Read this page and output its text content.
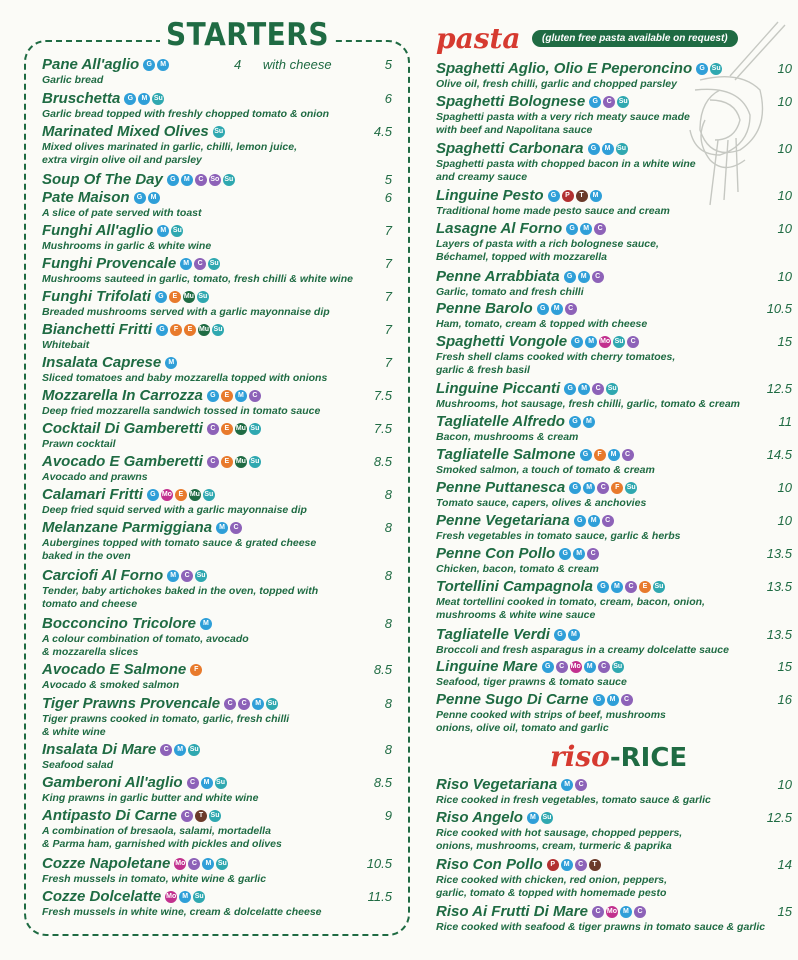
STARTERS
Pane All'aglio	G	M	4      with cheese	5
Garlic bread
Bruschetta	G	M Su	6
Garlic bread topped with freshly chopped tomato & onion
Marinated Mixed Olives Su	4.5
Mixed olives marinated in garlic, chilli, lemon juice,
extra virgin olive oil and parsley
Soup Of The Day	G	M	C So Su	5
Pate Maison	G	M	6
A slice of pate served with toast
Funghi All'aglio	M Su	7
Mushrooms in garlic & white wine
Funghi Provencale	M	C Su	7
Mushrooms sauteed in garlic, tomato, fresh chilli & white wine
Funghi Trifolati	G	E Mu Su	7
Breaded mushrooms served with a garlic mayonnaise dip
Bianchetti Fritti	G	F	E Mu Su	7
Whitebait
Insalata Caprese	M	7
Sliced tomatoes and baby mozzarella topped with onions
Mozzarella In Carrozza	G	E	M	C	7.5
Deep fried mozzarella sandwich tossed in tomato sauce
Cocktail Di Gamberetti	C	E Mu Su	7.5
Prawn cocktail
Avocado E Gamberetti	C	E Mu Su	8.5
Avocado and prawns
Calamari Fritti	G Mo E Mu Su	8
Deep fried squid served with a garlic mayonnaise dip
Melanzane Parmiggiana	M	C	8
Aubergines topped with tomato sauce & grated cheese
baked in the oven
Carciofi Al Forno	M	C Su	8
Tender, baby artichokes baked in the oven, topped with
tomato and cheese
Bocconcino Tricolore	M	8
A colour combination of tomato, avocado
& mozzarella slices
Avocado E Salmone	F	8.5
Avocado & smoked salmon
Tiger Prawns Provencale	C	C	M Su	8
Tiger prawns cooked in tomato, garlic, fresh chilli
& white wine
Insalata Di Mare	C	M Su	8
Seafood salad
Gamberoni All'aglio	C	M Su	8.5
King prawns in garlic butter and white wine
Antipasto Di Carne	C	T	Su	9
A combination of bresaola, salami, mortadella
& Parma ham, garnished with pickles and olives
Cozze Napoletane Mo C	M Su	10.5
Fresh mussels in tomato, white wine & garlic
Cozze Dolcelatte Mo M Su	11.5
Fresh mussels in white wine, cream & dolcelatte cheese
pasta	(gluten free pasta available on request)
Spaghetti Aglio, Olio E Peperoncino	G Su	10
Olive oil, fresh chilli, garlic and chopped parsley
Spaghetti Bolognese	G	C Su	10
Spaghetti pasta with a very rich meaty sauce made
with beef and Napolitana sauce
Spaghetti Carbonara	G	M Su	10
Spaghetti pasta with chopped bacon in a white wine
and creamy sauce
Linguine Pesto	G	P	T	M	10
Traditional home made pesto sauce and cream
Lasagne Al Forno	G	M	C	10
Layers of pasta with a rich bolognese sauce,
Béchamel, topped with mozzarella
Penne Arrabbiata	G	M	C	10
Garlic, tomato and fresh chilli
Penne Barolo	G	M	C	10.5
Ham, tomato, cream & topped with cheese
Spaghetti Vongole	G	M Mo Su	C	15
Fresh shell clams cooked with cherry tomatoes,
garlic & fresh basil
Linguine Piccanti	G	M	C Su	12.5
Mushrooms, hot sausage, fresh chilli, garlic, tomato & cream
Tagliatelle Alfredo	G	M	11
Bacon, mushrooms & cream
Tagliatelle Salmone	G	F	M	C	14.5
Smoked salmon, a touch of tomato & cream
Penne Puttanesca	G	M	C	F	Su	10
Tomato sauce, capers, olives & anchovies
Penne Vegetariana	G	M	C	10
Fresh vegetables in tomato sauce, garlic & herbs
Penne Con Pollo	G	M	C	13.5
Chicken, bacon, tomato & cream
Tortellini Campagnola	G	M	C	E	Su	13.5
Meat tortellini cooked in tomato, cream, bacon, onion,
mushrooms & white wine sauce
Tagliatelle Verdi	G	M	13.5
Broccoli and fresh asparagus in a creamy dolcelatte sauce
Linguine Mare	G	C Mo M	C Su	15
Seafood, tiger prawns & tomato sauce
Penne Sugo Di Carne	G	M	C	16
Penne cooked with strips of beef, mushrooms
onions, olive oil, tomato and garlic
riso-RICE
Riso Vegetariana	M	C	10
Rice cooked in fresh vegetables, tomato sauce & garlic
Riso Angelo	M Su	12.5
Rice cooked with hot sausage, chopped peppers,
onions, mushrooms, cream, turmeric & paprika
Riso Con Pollo	P	M	C	T	14
Rice cooked with chicken, red onion, peppers,
garlic, tomato & topped with homemade pesto
Riso Ai Frutti Di Mare	C Mo M	C	15
Rice cooked with seafood & tiger prawns in tomato sauce & garlic
